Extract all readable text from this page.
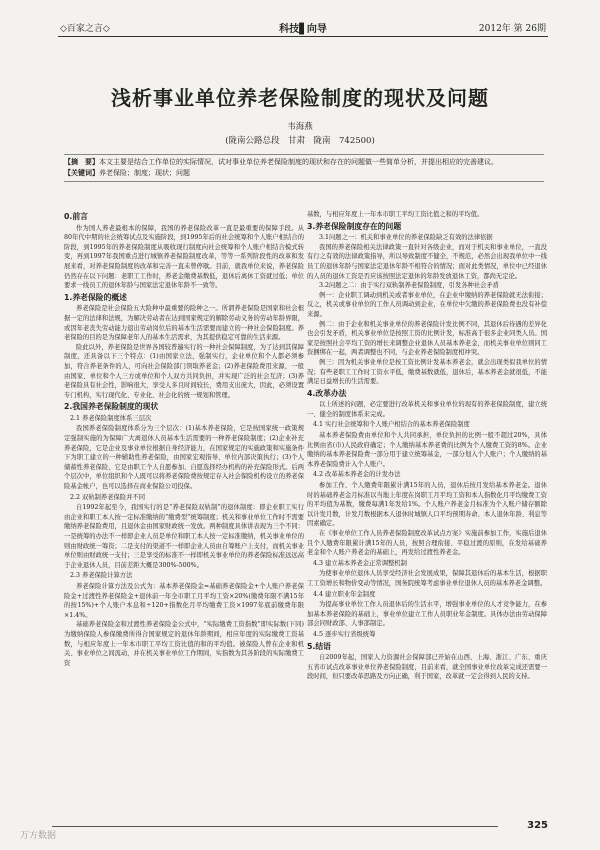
◇百家之言◇	科技▋向导	2012年 第 26期
浅析事业单位养老保险制度的现状及问题
韦海燕
(陇南公路总段　甘肃　陇南　742500)
【摘　要】本文主要是结合工作单位的实际情况，试对事业单位养老保险制度的现状和存在的问题做一些简单分析，并提出相应的完善建议。
【关键词】养老保险；制度；现状；问题
0.前言

作为国人养老最根本的保障，我国的养老保险改革一直是最重要的保障手段。从80年代中期的社会统筹试点及实施阶段，到1995年后的社会统筹和个人账户相结合的阶段，到1995年的养老保险制度从吸收现行制度向社会统筹和个人账户相结合模式转变，再到1997年我国重点进行城镇养老保险制度改革，等等一系列阶段性的改革和发展来看，对养老保险制度的改革和完善一直未曾停歇。目前，就我单位来说，养老保险仍然存在以下问题：老职工工作时，养老金缴费基数低，退休后离休工资就过低；单位要求一线员工的退休年龄与国家法定退休年龄不一致等。

1.养老保险的概述

养老保险是社会保险五大险种中最重要的险种之一。所谓养老保险是国家和社会根据一定的法律和法规，为解决劳动者在达到国家规定的解除劳动义务的劳动年龄界限，或因年老丧失劳动能力退出劳动岗位后的基本生活需要而建立的一种社会保险制度。养老保险的目的是为保障老年人的基本生活需求，为其提供稳定可靠的生活来源。

险此以外，养老保险是世界各国较普遍实行的一种社会保障制度，为了达到其保障制度，还具备以下三个特点：(1)由国家立法，强制实行，企业单位和个人都必须参加，符合养老条件的人，可向社会保险部门领取养老金；(2)养老保险费用来源，一般由国家、单位和个人三方或单位和个人双方共同负担，并实现广泛的社会互济；(3)养老保险具有社会性，影响很大，享受人多且时间较长，费用支出庞大，因此，必须设置专门机构，实行现代化、专业化、社会化的统一规划和管理。

2.我国养老保险制度的现状

2.1 养老保险制度体系三层次

我国养老保险制度体系分为三个层次：(1)基本养老保险，它是按国家统一政策规定强制实施的为保障广大离退休人员基本生活需要的一种养老保险制度；(2)企业补充养老保险，它是企业及事业单位根据自身经济能力，在国家规定的实施政策和实施条件下为职工建立的一种辅助性养老保险，由国家宏观指导、单位内部决策执行；(3)个人储蓄性养老保险，它是由职工个人自愿参加、自愿选择经办机构的补充保险形式。后两个层次中，单位组织和个人既可以将养老保险费按规定存入社会保险机构设立的养老保险基金帐户，也可以选择在商业保险公司投保。

2.2 双轨制养老保险并不同

自1992年起至今，我国实行的是“养老保险双轨制”的退休制度：即企业职工实行由企业和职工本人按一定标准缴纳的“缴费型”统筹制度；机关和事业单位工作时不需要缴纳养老保险费用，且退休金由国家财政统一发放。两种制度具体讲表现为三个不同：一是统筹的办法不一样即企业人员是单位和职工本人按一定标准缴纳，机关事业单位的则由财政统一筹资；二是支付的渠道不一样即企业人员由自筹账户上支付，而机关事业单位则由财政统一支付；三是享受的标准不一样即机关事业单位的养老保险标准远远高于企业退休人员，目前差距大概是300%-500%。

2.3 养老保险计算方法

养老保险计算方法及公式为：基本养老保险金=基础养老保险金+个人账户养老保险金+过渡性养老保险金+退休前一年全市职工月平均工资×20%(缴费年限不满15年的按15%)+个人账户本息和÷120+指数化月平均缴费工资×1997年底前缴费年限×1.4%。

基础养老保险金和过渡性养老保险金公式中，“实际缴费工资指数”即实际数(下同)为缴纳保险人参保缴费所得合国家规定的退休年龄期间，相应年度的实际缴费工资基数，与相应年度上一年本市职工平均工资比值的和的平均值。被保险人曾在企业和机关、事业单位之间流动，并在机关事业单位工作期间，实指数为其各阶段的实际缴费工资

基数，与相应年度上一年本市职工平均工资比值之和的平均值。

3.养老保险制度存在的问题

3.1问题之一：机关和事业单位的养老保险缺乏有效的法律依据

我国的养老保险相关法律政策一直针对各级企业，而对于机关和事业单位，一直没有行之有效的法律政策指导，所以导致制度不健全，不规范，必然会出现我单位中一线员工的退休年龄与国家法定退休年龄不相符合的情况；面对此类情况，单位中已经退休的人员的退休工资是否应该按照法定退休的年龄发放退休工资，都尚无定论。

3.2问题之二：由于实行双轨制养老保险制度，引发各种社会矛盾

例一：企业职工调动到机关或者事业单位，在企业中缴纳的养老保险就无法衔接；反之，机关或事业单位的工作人员调动到企业，在单位中欠缴的养老保险费也没有补偿来源。

例二：由于企业和机关事业单位的养老保险计发比例不同，其退休后待遇的差异化也会引发矛盾，机关事业单位是按照工资的比例计发，标准高于很多企业同类人员。国家是按照社会平均工资的增长来调整企业退休人员基本养老金，而机关事业单位则同工资捆绑在一起，两者调整也不同，与企业养老保险制度相冲突。

例三：因为机关事业单位是按工资比例计发基本养老金，就会出现类似我单位的情况；有些老职工工作时工资水平低，缴费基数就低，退休后，基本养老金就很低，不能满足日益增长的生活需要。

4.改革办法

以上所述的问题，必定要进行改革机关和事业单位的现有的养老保险制度，建立统一、健全的制度体系来完成。

4.1 实行社会统筹和个人账户相结合的基本养老保险制度

基本养老保险费由单位和个人共同承担，单位负担的比例一般不超过20%，具体比例由省(市)人民政府确定；个人缴纳基本养老费的比例为个人缴费工资的8%。企业缴纳的基本养老保险费一部分用于建立统筹基金，一部分划入个人账户；个人缴纳的基本养老保险费计入个人账户。

4.2 改革基本养老金的计发办法

参加工作、个人缴费年限累计满15年的人员，退休后按月发给基本养老金。退休时的基础养老金月标准以当地上年度在岗职工月平均工资和本人指数化月平均缴费工资的平均值为基数，缴费每满1年发给1%。个人账户养老金月标准为个人账户储存额除以计发月数，计发月数根据本人退休时城镇人口平均预期寿命、本人退休年龄、利息等因素确定。

在《事业单位工作人员养老保险制度改革试点方案》实施前参加工作，实施后退休且个人缴费年限累计满15年的人员，按照合理衔接、平稳过渡的原则，在发给基础养老金和个人账户养老金的基础上，再发给过渡性养老金。

4.3 建立基本养老金正常调整机制

为使事业单位退休人员享受经济社会发展成果，保障其退休后的基本生活，根据职工工资增长和物价变动等情况，国务院统筹考虑事业单位退休人员的基本养老金调整。

4.4 建立职业年金制度

为提高事业单位工作人员退休后的生活水平，增强事业单位的人才竞争能力，在参加基本养老保险的基础上，事业单位建立工作人员职业年金制度。具体办法由劳动保障部会同财政部、人事部制定。

4.5 逐步实行省级统筹

5.结语

自2009年起，国家人力资源社会保障部已开始在山西、上海、浙江、广东、重庆五省市试点改革事业单位养老保险制度，目前来看，就全国事业单位改革完成还需要一段时间，但只要改革思路及方向正确，利于国家，改革就一定会得到人民的支持。

325
万方数据
